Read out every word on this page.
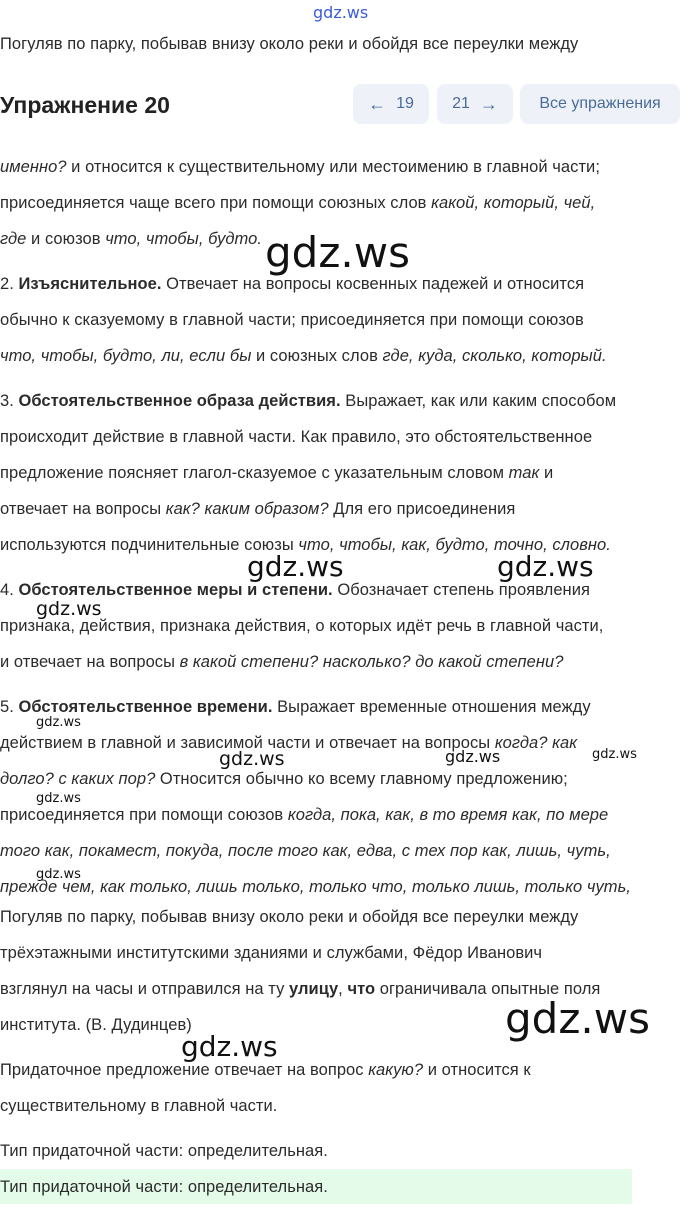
gdz.ws
Погуляв по парку, побывав внизу около реки и обойдя все переулки между
Упражнение 20	← 19 21 →	Все упражнения
именно? и относится к существительному или местоимению в главной части;
присоединяется чаще всего при помощи союзных слов какой, который, чей,
где и союзов что, чтобы, будто.
2. Изъяснительное. Отвечает на вопросы косвенных падежей и относится
обычно к сказуемому в главной части; присоединяется при помощи союзов
что, чтобы, будто, ли, если бы и союзных слов где, куда, сколько, который.
3. Обстоятельственное образа действия. Выражает, как или каким способом
происходит действие в главной части. Как правило, это обстоятельственное
предложение поясняет глагол-сказуемое с указательным словом так и
отвечает на вопросы как? каким образом? Для его присоединения
используются подчинительные союзы что, чтобы, как, будто, точно, словно.
4. Обстоятельственное меры и степени. Обозначает степень проявления
признака, действия, признака действия, о которых идёт речь в главной части,
и отвечает на вопросы в какой степени? насколько? до какой степени?
5. Обстоятельственное времени. Выражает временные отношения между
действием в главной и зависимой части и отвечает на вопросы когда? как
долго? с каких пор? Относится обычно ко всему главному предложению;
присоединяется при помощи союзов когда, пока, как, в то время как, по мере
того как, покамест, покуда, после того как, едва, с тех пор как, лишь, чуть,
прежде чем, как только, лишь только, только что, только лишь, только чуть,
Погуляв по парку, побывав внизу около реки и обойдя все переулки между
трёхэтажными институтскими зданиями и службами, Фёдор Иванович
взглянул на часы и отправился на ту улицу, что ограничивала опытные поля
института. (В. Дудинцев)
Придаточное предложение отвечает на вопрос какую? и относится к
существительному в главной части.
Тип придаточной части: определительная.
Тип придаточной части: определительная.
gdz.ws
gdz.ws	gdz.ws
gdz.ws
gdz.ws
gdz.ws	gdz.ws	gdz.ws
gdz.ws
gdz.ws
gdz.ws
gdz.ws
